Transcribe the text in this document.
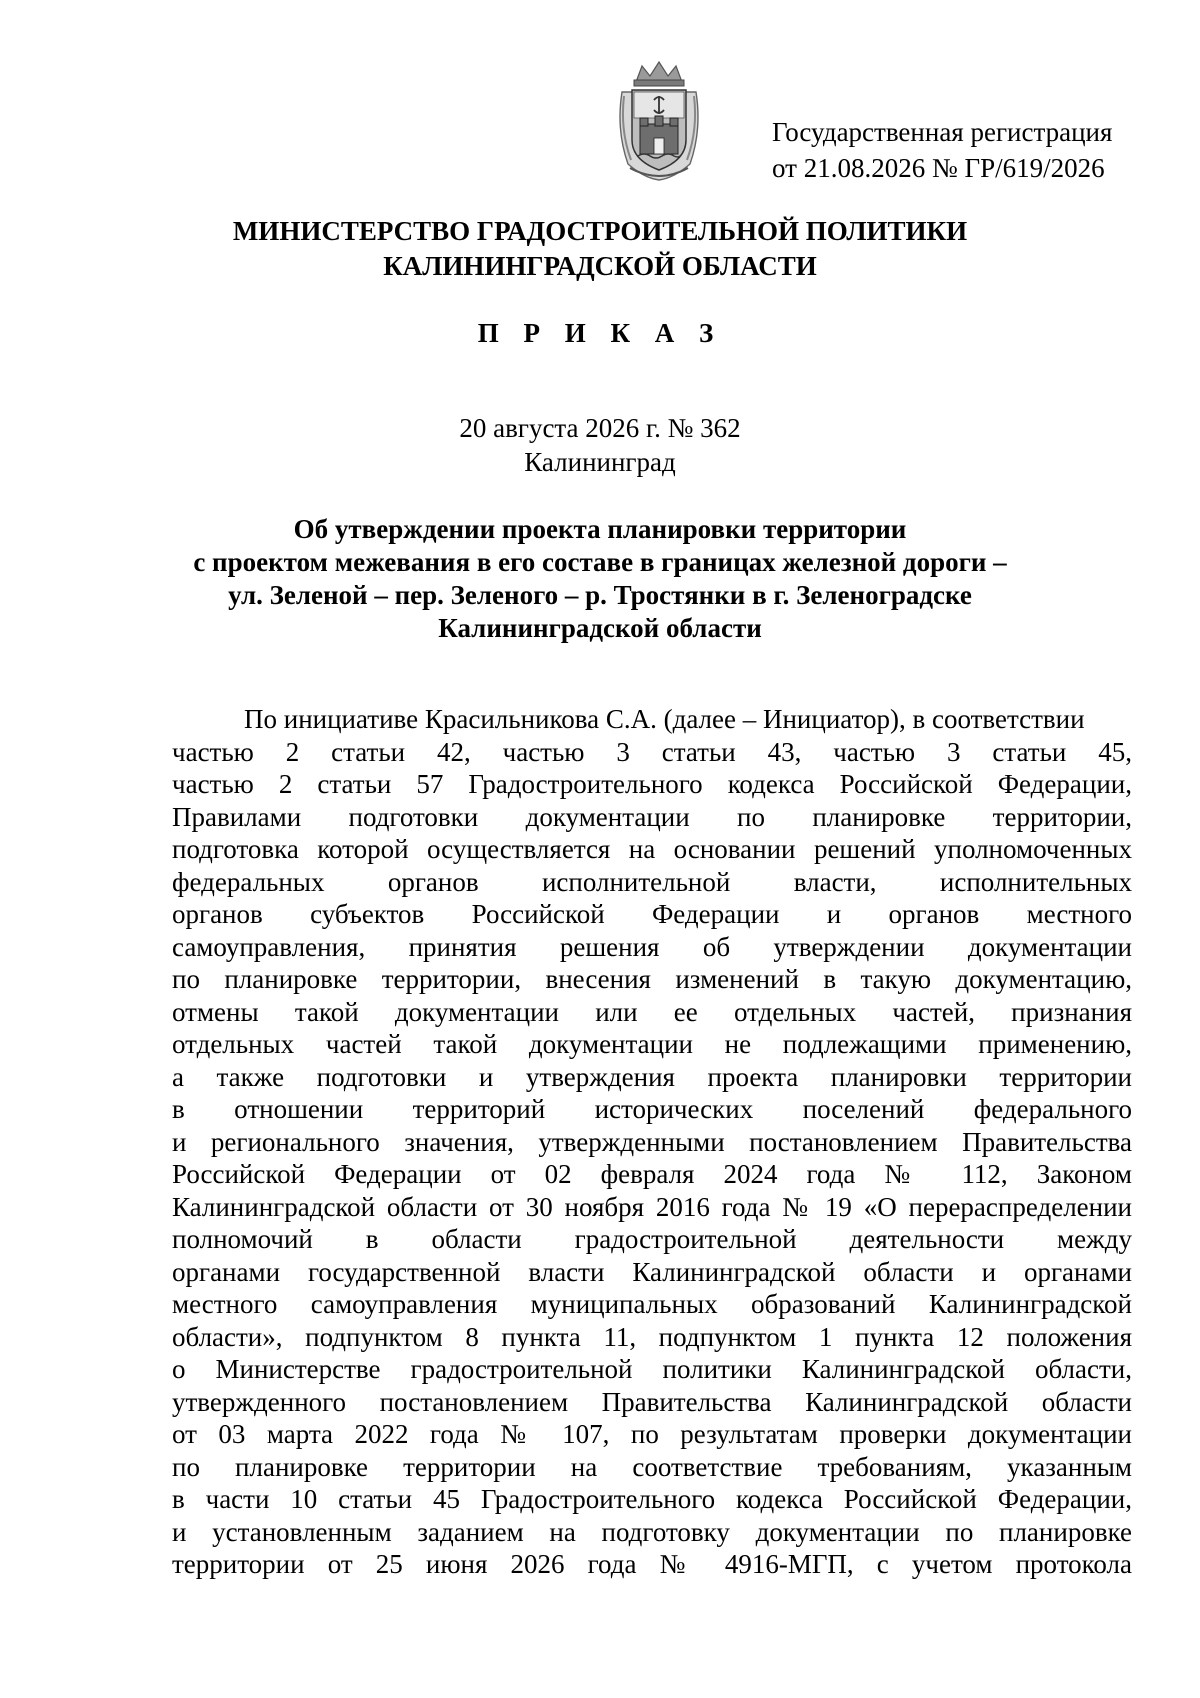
Государственная регистрация
от 21.08.2026 № ГР/619/2026
МИНИСТЕРСТВО ГРАДОСТРОИТЕЛЬНОЙ ПОЛИТИКИ
КАЛИНИНГРАДСКОЙ ОБЛАСТИ
П Р И К А З
20 августа 2026 г. № 362
Калининград
Об утверждении проекта планировки территории
с проектом межевания в его составе в границах железной дороги –
ул. Зеленой – пер. Зеленого – р. Тростянки в г. Зеленоградске
Калининградской области
По инициативе Красильникова С.А. (далее – Инициатор), в соответствии
частью 2 статьи 42, частью 3 статьи 43, частью 3 статьи 45,
частью 2 статьи 57 Градостроительного кодекса Российской Федерации,
Правилами подготовки документации по планировке территории,
подготовка которой осуществляется на основании решений уполномоченных
федеральных органов исполнительной власти, исполнительных
органов субъектов Российской Федерации и органов местного
самоуправления, принятия решения об утверждении документации
по планировке территории, внесения изменений в такую документацию,
отмены такой документации или ее отдельных частей, признания
отдельных частей такой документации не подлежащими применению,
а также подготовки и утверждения проекта планировки территории
в отношении территорий исторических поселений федерального
и регионального значения, утвержденными постановлением Правительства
Российской Федерации от 02 февраля 2024 года № 112, Законом
Калининградской области от 30 ноября 2016 года № 19 «О перераспределении
полномочий в области градостроительной деятельности между
органами государственной власти Калининградской области и органами
местного самоуправления муниципальных образований Калининградской
области», подпунктом 8 пункта 11, подпунктом 1 пункта 12 положения
о Министерстве градостроительной политики Калининградской области,
утвержденного постановлением Правительства Калининградской области
от 03 марта 2022 года № 107, по результатам проверки документации
по планировке территории на соответствие требованиям, указанным
в части 10 статьи 45 Градостроительного кодекса Российской Федерации,
и установленным заданием на подготовку документации по планировке
территории от 25 июня 2026 года № 4916-МГП, с учетом протокола
